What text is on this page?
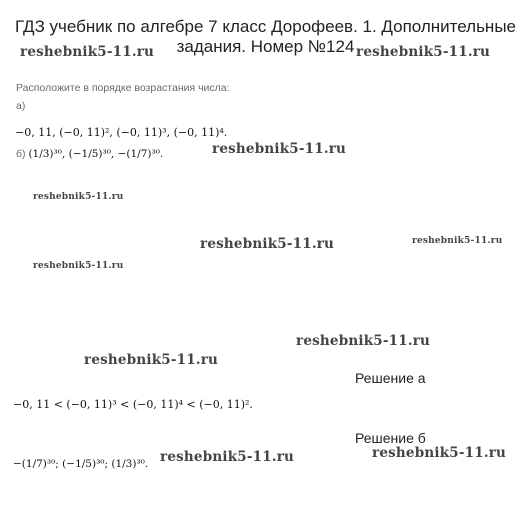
ГДЗ учебник по алгебре 7 класс Дорофеев. 1. Дополнительные задания. Номер №124
Расположите в порядке возрастания числа:
а)
−0, 11, (−0, 11)², (−0, 11)³, (−0, 11)⁴.
б) (1/3)³⁰, (−1/5)³⁰, −(1/7)³⁰.
Решение а
−0, 11 < (−0, 11)³ < (−0, 11)⁴ < (−0, 11)².
Решение б
−(1/7)³⁰; (−1/5)³⁰; (1/3)³⁰.
reshebnik5-11.ru	reshebnik5-11.ru
reshebnik5-11.ru
reshebnik5-11.ru
reshebnik5-11.ru	reshebnik5-11.ru
reshebnik5-11.ru
reshebnik5-11.ru
reshebnik5-11.ru
reshebnik5-11.ru	reshebnik5-11.ru
